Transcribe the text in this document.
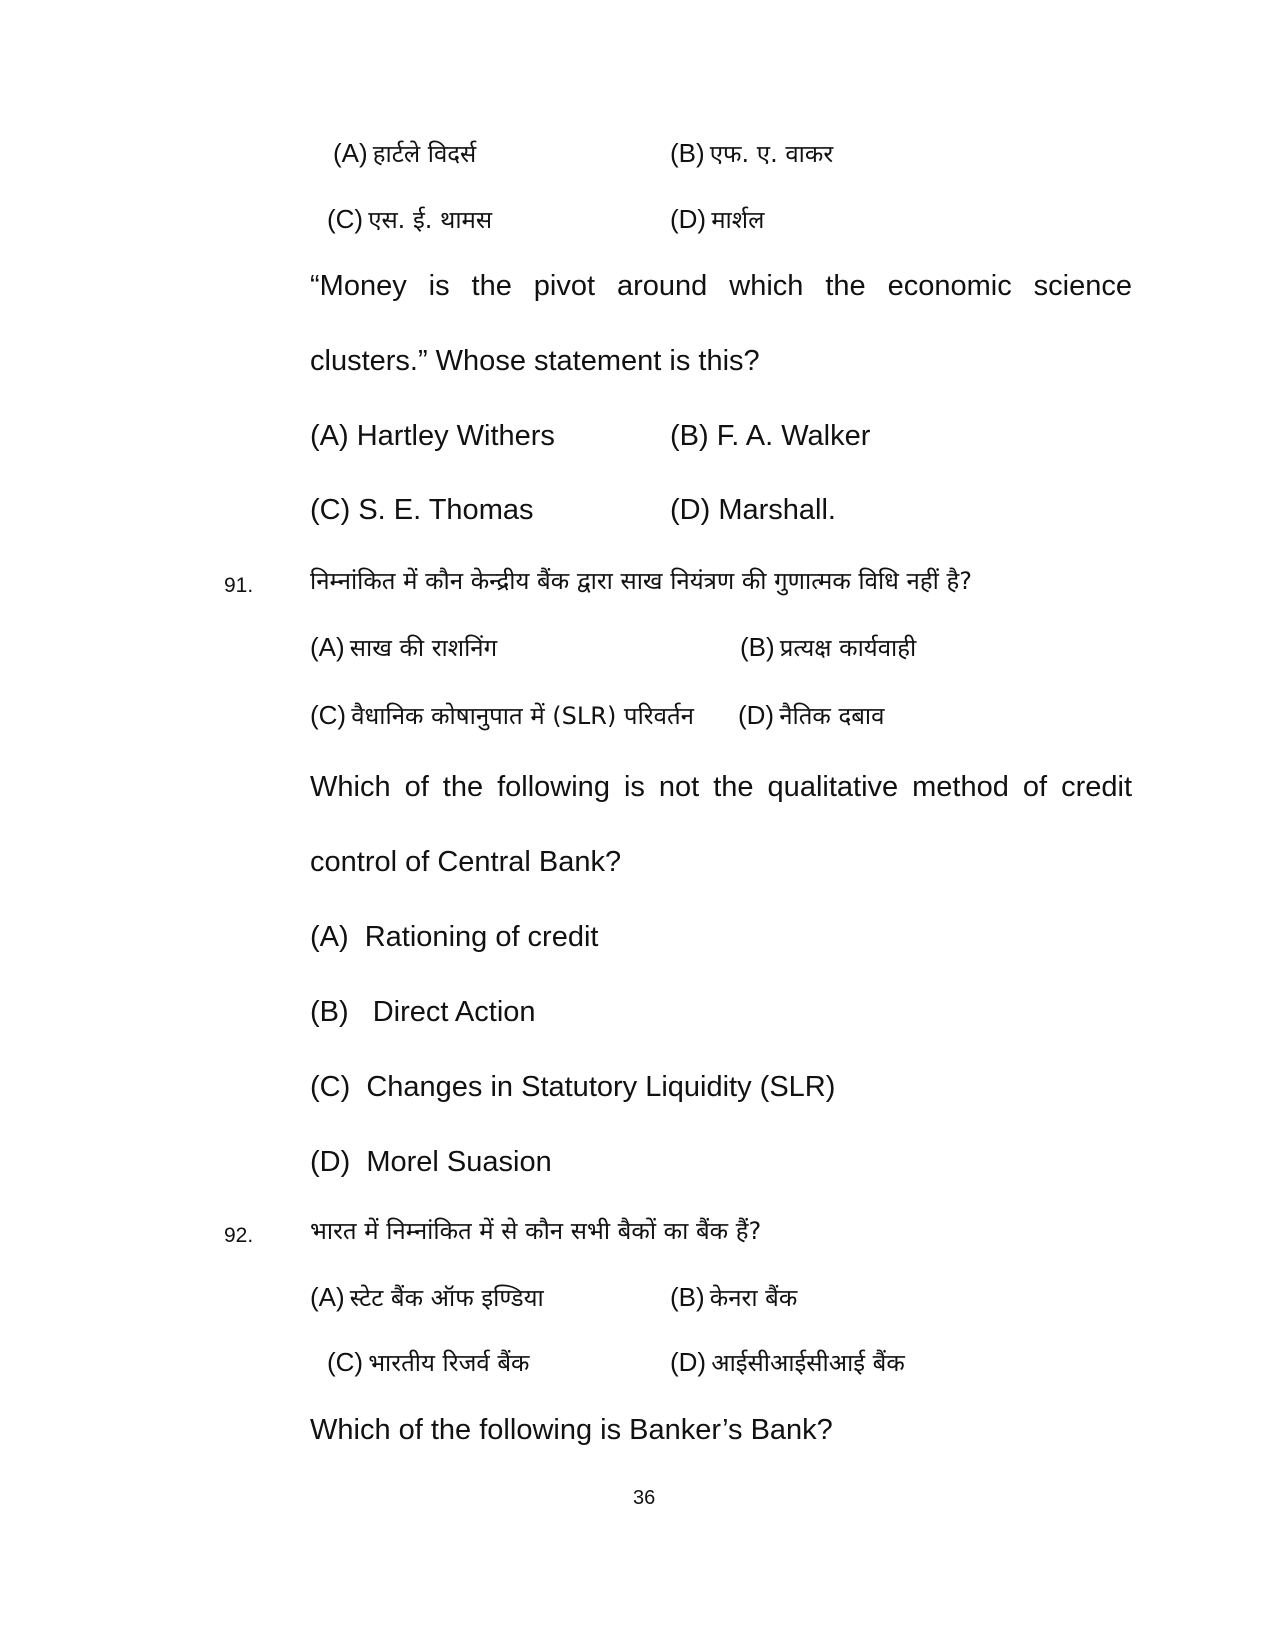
(A) हार्टले विदर्स	(B) एफ. ए. वाकर
(C) एस. ई. थामस	(D) मार्शल
“Money is the pivot around which the economic science
clusters.” Whose statement is this?
(A) Hartley Withers	(B) F. A. Walker
(C) S. E. Thomas	(D) Marshall.
91. निम्नांकित में कौन केन्द्रीय बैंक द्वारा साख नियंत्रण की गुणात्मक विधि नहीं है?
(A) साख की राशनिंग	(B) प्रत्यक्ष कार्यवाही
(C) वैधानिक कोषानुपात में (SLR) परिवर्तन (D) नैतिक दबाव
Which of the following is not the qualitative method of credit
control of Central Bank?
(A) Rationing of credit
(B) Direct Action
(C) Changes in Statutory Liquidity (SLR)
(D) Morel Suasion
92. भारत में निम्नांकित में से कौन सभी बैकों का बैंक हैं?
(A) स्टेट बैंक ऑफ इण्डिया	(B) केनरा बैंक
(C) भारतीय रिजर्व बैंक	(D) आईसीआईसीआई बैंक
Which of the following is Banker’s Bank?
36
